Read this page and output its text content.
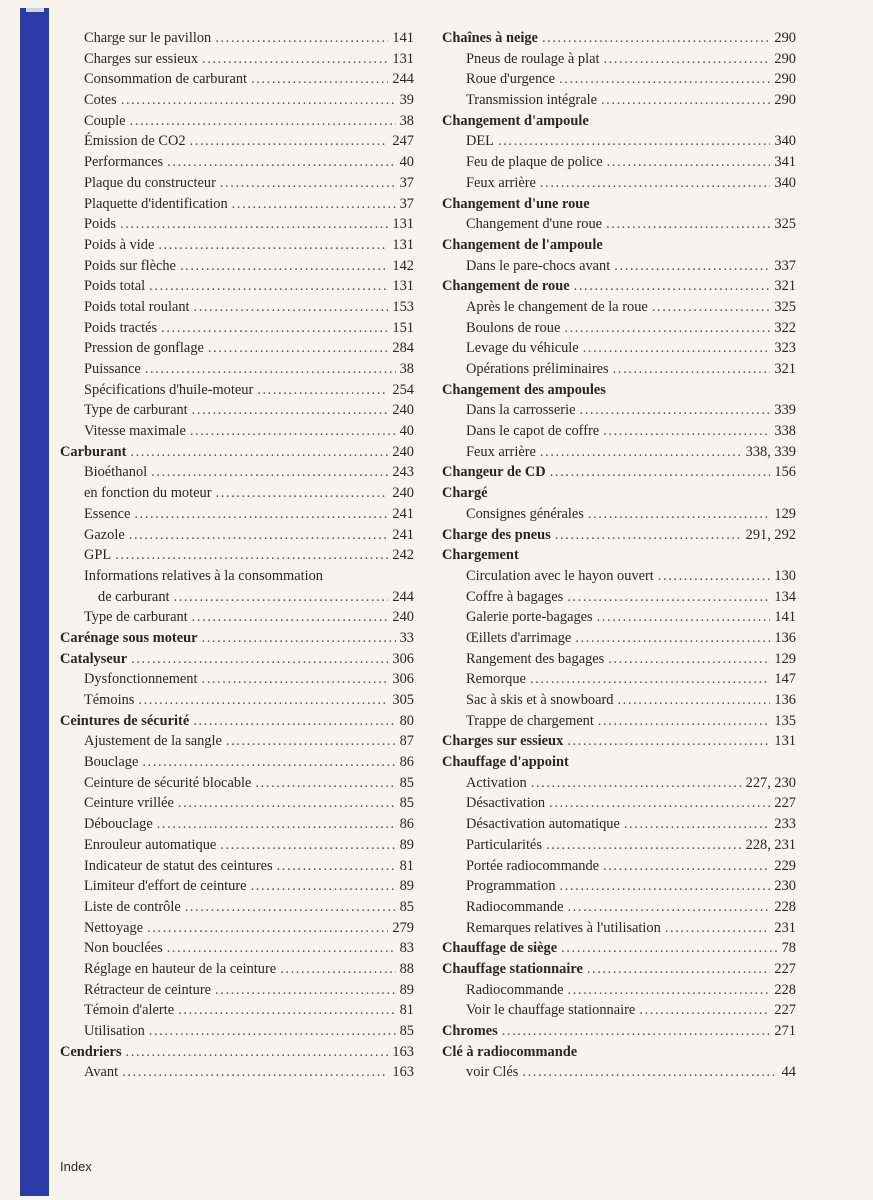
Charge sur le pavillon . . .	141
Charges sur essieux . . .	131
Consommation de carburant . . .	244
Cotes . . .	39
Couple . . .	38
Émission de CO2 . . .	247
Performances . . .	40
Plaque du constructeur . . .	37
Plaquette d'identification . . .	37
Poids . . .	131
Poids à vide . . .	131
Poids sur flèche . . .	142
Poids total . . .	131
Poids total roulant . . .	153
Poids tractés . . .	151
Pression de gonflage . . .	284
Puissance . . .	38
Spécifications d'huile-moteur . . .	254
Type de carburant . . .	240
Vitesse maximale . . .	40
Carburant . . .	240
Bioéthanol . . .	243
en fonction du moteur . . .	240
Essence . . .	241
Gazole . . .	241
GPL . . .	242
Informations relatives à la consommation
de carburant . . .	244
Type de carburant . . .	240
Carénage sous moteur . . .	33
Catalyseur . . .	306
Dysfonctionnement . . .	306
Témoins . . .	305
Ceintures de sécurité . . .	80
Ajustement de la sangle . . .	87
Bouclage . . .	86
Ceinture de sécurité blocable . . .	85
Ceinture vrillée . . .	85
Débouclage . . .	86
Enrouleur automatique . . .	89
Indicateur de statut des ceintures . . .	81
Limiteur d'effort de ceinture . . .	89
Liste de contrôle . . .	85
Nettoyage . . .	279
Non bouclées . . .	83
Réglage en hauteur de la ceinture . . .	88
Rétracteur de ceinture . . .	89
Témoin d'alerte . . .	81
Utilisation . . .	85
Cendriers . . .	163
Avant . . .	163
Chaînes à neige . . .	290
Pneus de roulage à plat . . .	290
Roue d'urgence . . .	290
Transmission intégrale . . .	290
Changement d'ampoule
DEL . . .	340
Feu de plaque de police . . .	341
Feux arrière . . .	340
Changement d'une roue
Changement d'une roue . . .	325
Changement de l'ampoule
Dans le pare-chocs avant . . .	337
Changement de roue . . .	321
Après le changement de la roue . . .	325
Boulons de roue . . .	322
Levage du véhicule . . .	323
Opérations préliminaires . . .	321
Changement des ampoules
Dans la carrosserie . . .	339
Dans le capot de coffre . . .	338
Feux arrière . . .	338, 339
Changeur de CD . . .	156
Chargé
Consignes générales . . .	129
Charge des pneus . . .	291, 292
Chargement
Circulation avec le hayon ouvert . . .	130
Coffre à bagages . . .	134
Galerie porte-bagages . . .	141
Œillets d'arrimage . . .	136
Rangement des bagages . . .	129
Remorque . . .	147
Sac à skis et à snowboard . . .	136
Trappe de chargement . . .	135
Charges sur essieux . . .	131
Chauffage d'appoint
Activation . . .	227, 230
Désactivation . . .	227
Désactivation automatique . . .	233
Particularités . . .	228, 231
Portée radiocommande . . .	229
Programmation . . .	230
Radiocommande . . .	228
Remarques relatives à l'utilisation . . .	231
Chauffage de siège . . .	78
Chauffage stationnaire . . .	227
Radiocommande . . .	228
Voir le chauffage stationnaire . . .	227
Chromes . . .	271
Clé à radiocommande
voir Clés . . .	44
Index
